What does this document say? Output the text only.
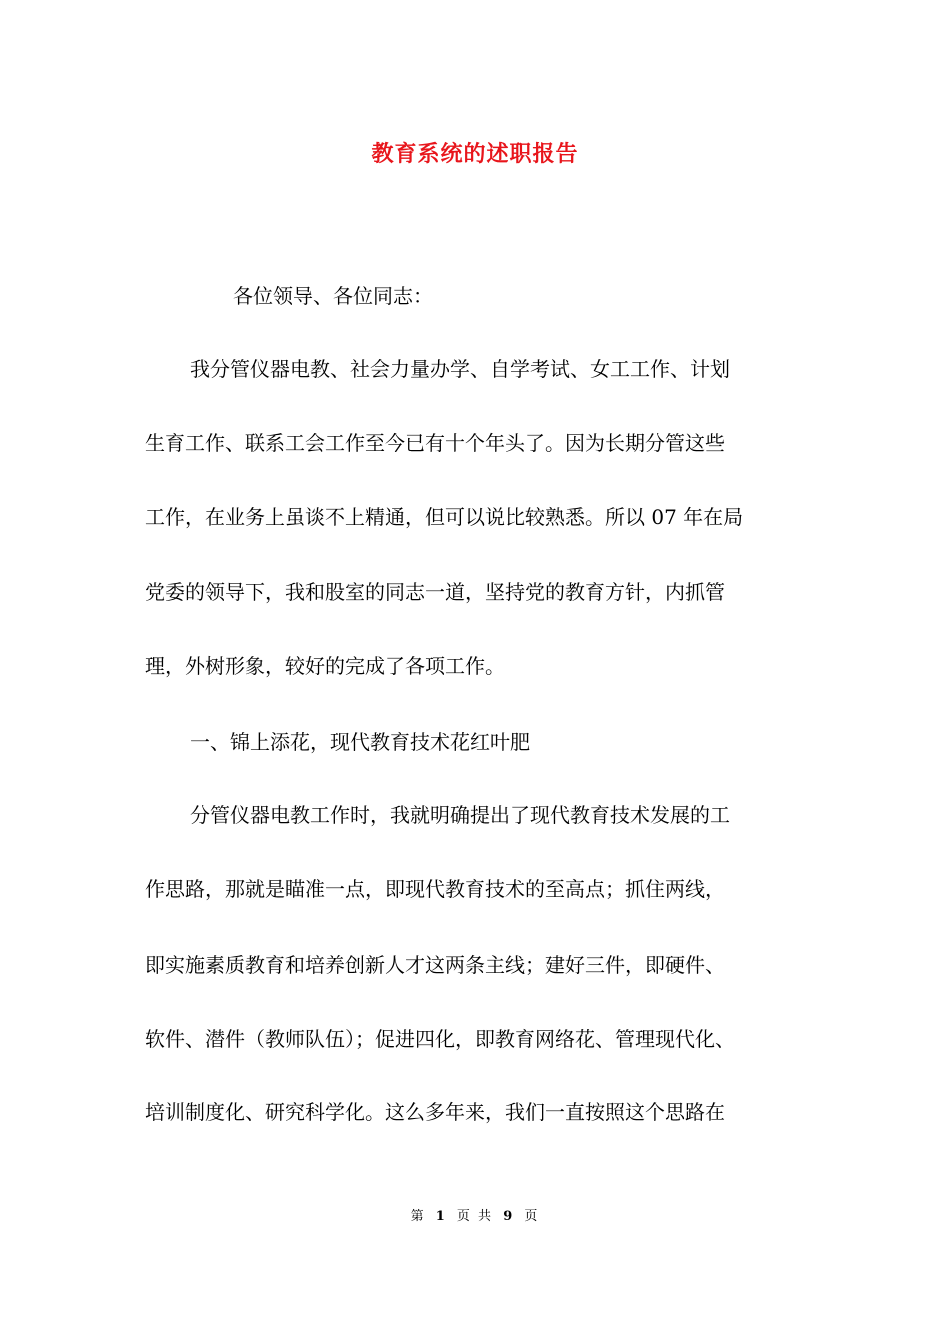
教育系统的述职报告
各位领导、各位同志：
我分管仪器电教、社会力量办学、自学考试、女工工作、计划
生育工作、联系工会工作至今已有十个年头了。因为长期分管这些
工作，在业务上虽谈不上精通，但可以说比较熟悉。所以 07 年在局
党委的领导下，我和股室的同志一道，坚持党的教育方针，内抓管
理，外树形象，较好的完成了各项工作。
一、锦上添花，现代教育技术花红叶肥
分管仪器电教工作时，我就明确提出了现代教育技术发展的工
作思路，那就是瞄准一点，即现代教育技术的至高点；抓住两线，
即实施素质教育和培养创新人才这两条主线；建好三件，即硬件、
软件、潜件（教师队伍）；促进四化，即教育网络花、管理现代化、
培训制度化、研究科学化。这么多年来，我们一直按照这个思路在
第 1 页 共 9 页
